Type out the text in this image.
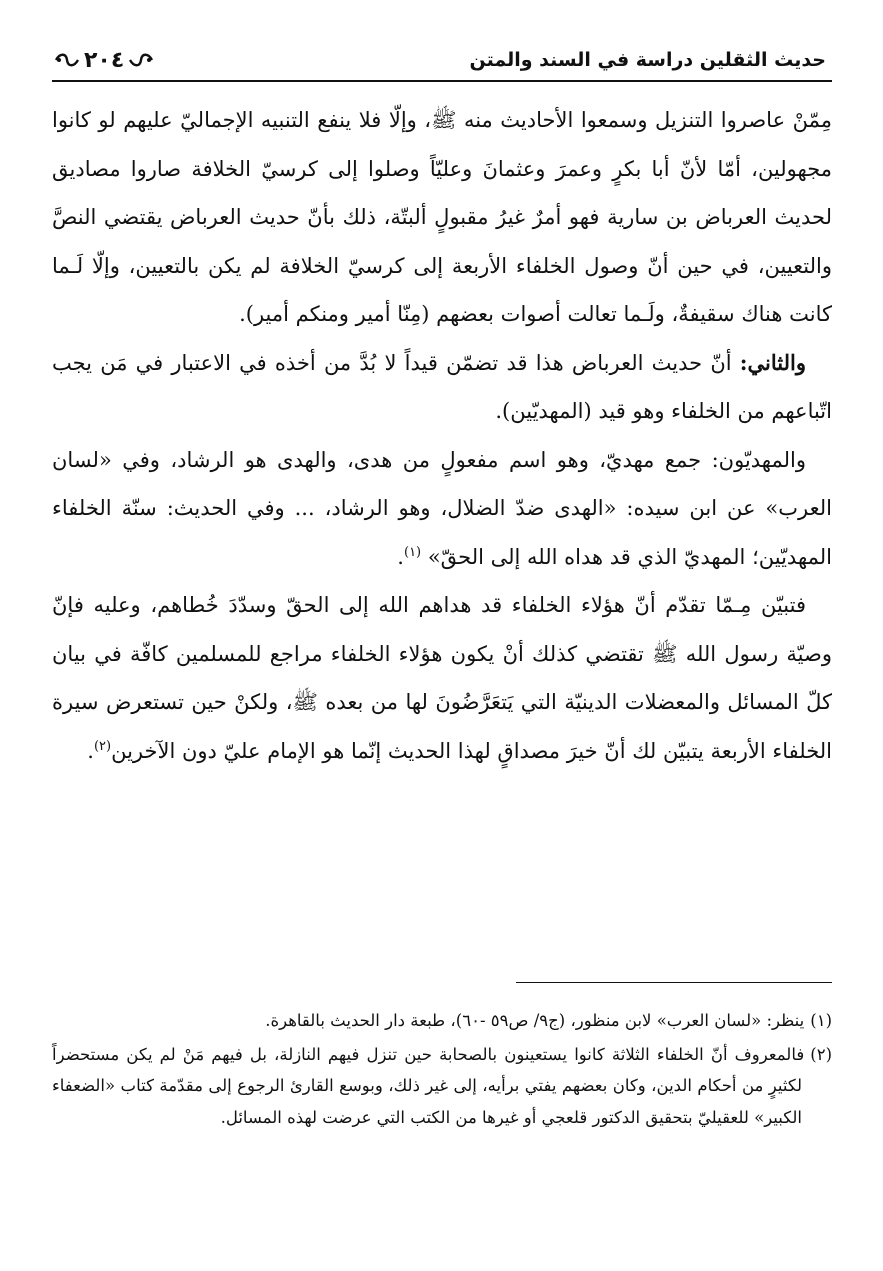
حديث الثقلين دراسة في السند والمتن
٢٠٤

مِمّنْ عاصروا التنزيل وسمعوا الأحاديث منه ﷺ، وإلّا فلا ينفع التنبيه الإجماليّ عليهم لو كانوا مجهولين، أمّا لأنّ أبا بكرٍ وعمرَ وعثمانَ وعليّاً وصلوا إلى كرسيّ الخلافة صاروا مصاديق لحديث العرباض بن سارية فهو أمرٌ غيرُ مقبولٍ ألبتّة، ذلك بأنّ حديث العرباض يقتضي النصَّ والتعيين، في حين أنّ وصول الخلفاء الأربعة إلى كرسيّ الخلافة لم يكن بالتعيين، وإلّا لَـما كانت هناك سقيفةٌ، ولَـما تعالت أصوات بعضهم (مِنّا أمير ومنكم أمير).

والثاني: أنّ حديث العرباض هذا قد تضمّن قيداً لا بُدَّ من أخذه في الاعتبار في مَن يجب اتّباعهم من الخلفاء وهو قيد (المهديّين).

والمهديّون: جمع مهديّ، وهو اسم مفعولٍ من هدى، والهدى هو الرشاد، وفي «لسان العرب» عن ابن سيده: «الهدى ضدّ الضلال، وهو الرشاد، ... وفي الحديث: سنّة الخلفاء المهديّين؛ المهديّ الذي قد هداه الله إلى الحقّ» $^{(١)}$.

فتبيّن مِـمّا تقدّم أنّ هؤلاء الخلفاء قد هداهم الله إلى الحقّ وسدّدَ خُطاهم، وعليه فإنّ وصيّة رسول الله ﷺ تقتضي كذلك أنْ يكون هؤلاء الخلفاء مراجع للمسلمين كافّة في بيان كلّ المسائل والمعضلات الدينيّة التي يَتعَرَّضُونَ لها من بعده ﷺ، ولكنْ حين تستعرض سيرة الخلفاء الأربعة يتبيّن لك أنّ خيرَ مصداقٍ لهذا الحديث إنّما هو الإمام عليّ دون الآخرين$^{(٢)}$.

(١)ينظر: «لسان العرب» لابن منظور، (ج٩/ ص٥٩ -٦٠)، طبعة دار الحديث بالقاهرة.

(٢)فالمعروف أنّ الخلفاء الثلاثة كانوا يستعينون بالصحابة حين تنزل فيهم النازلة، بل فيهم مَنْ لم يكن مستحضراً لكثيرٍ من أحكام الدين، وكان بعضهم يفتي برأيه، إلى غير ذلك، وبوسع القارئ الرجوع إلى مقدّمة كتاب «الضعفاء الكبير» للعقيليّ بتحقيق الدكتور قلعجي أو غيرها من الكتب التي عرضت لهذه المسائل.
